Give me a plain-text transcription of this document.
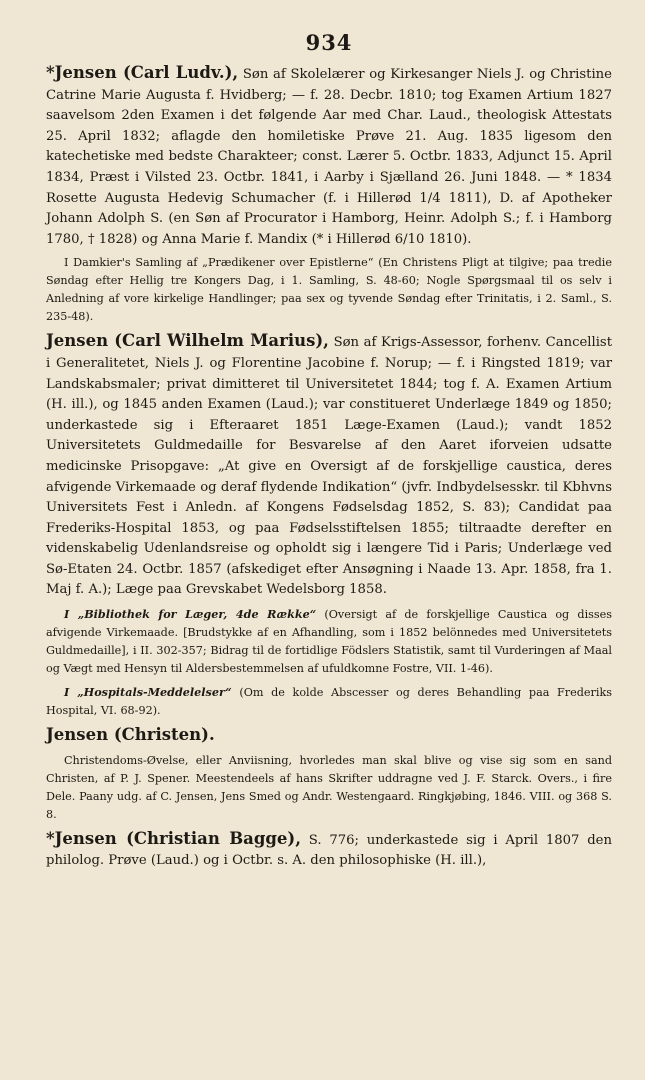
934

*Jensen (Carl Ludv.), Søn af Skolelærer og Kirkesanger Niels J. og Christine Catrine Marie Augusta f. Hvidberg; — f. 28. Decbr. 1810; tog Examen Artium 1827 saavelsom 2den Examen i det følgende Aar med Char. Laud., theologisk Attestats 25. April 1832; aflagde den homiletiske Prøve 21. Aug. 1835 ligesom den katechetiske med bedste Charakteer; const. Lærer 5. Octbr. 1833, Adjunct 15. April 1834, Præst i Vilsted 23. Octbr. 1841, i Aarby i Sjælland 26. Juni 1848. — * 1834 Rosette Augusta Hedevig Schumacher (f. i Hillerød 1/4 1811), D. af Apotheker Johann Adolph S. (en Søn af Procurator i Hamborg, Heinr. Adolph S.; f. i Hamborg 1780, † 1828) og Anna Marie f. Mandix (* i Hillerød 6/10 1810).

I Damkier's Samling af „Prædikener over Epistlerne“ (En Christens Pligt at tilgive; paa tredie Søndag efter Hellig tre Kongers Dag, i 1. Samling, S. 48-60; Nogle Spørgsmaal til os selv i Anledning af vore kirkelige Handlinger; paa sex og tyvende Søndag efter Trinitatis, i 2. Saml., S. 235-48).

Jensen (Carl Wilhelm Marius), Søn af Krigs-Assessor, forhenv. Cancellist i Generalitetet, Niels J. og Florentine Jacobine f. Norup; — f. i Ringsted 1819; var Landskabsmaler; privat dimitteret til Universitetet 1844; tog f. A. Examen Artium (H. ill.), og 1845 anden Examen (Laud.); var constitueret Underlæge 1849 og 1850; underkastede sig i Efteraaret 1851 Læge-Examen (Laud.); vandt 1852 Universitetets Guldmedaille for Besvarelse af den Aaret iforveien udsatte medicinske Prisopgave: „At give en Oversigt af de forskjellige caustica, deres afvigende Virkemaade og deraf flydende Indikation“ (jvfr. Indbydelsesskr. til Kbhvns Universitets Fest i Anledn. af Kongens Fødselsdag 1852, S. 83); Candidat paa Frederiks-Hospital 1853, og paa Fødselsstiftelsen 1855; tiltraadte derefter en videnskabelig Udenlandsreise og opholdt sig i længere Tid i Paris; Underlæge ved Sø-Etaten 24. Octbr. 1857 (afskediget efter Ansøgning i Naade 13. Apr. 1858, fra 1. Maj f. A.); Læge paa Grevskabet Wedelsborg 1858.

I „Bibliothek for Læger, 4de Række“ (Oversigt af de forskjellige Caustica og disses afvigende Virkemaade. [Brudstykke af en Afhandling, som i 1852 belönnedes med Universitetets Guldmedaille], i II. 302-357; Bidrag til de fortidlige Födslers Statistik, samt til Vurderingen af Maal og Vægt med Hensyn til Aldersbestemmelsen af ufuldkomne Fostre, VII. 1-46).

I „Hospitals-Meddelelser“ (Om de kolde Abscesser og deres Behandling paa Frederiks Hospital, VI. 68-92).

Jensen (Christen).

Christendoms-Øvelse, eller Anviisning, hvorledes man skal blive og vise sig som en sand Christen, af P. J. Spener. Meestendeels af hans Skrifter uddragne ved J. F. Starck. Overs., i fire Dele. Paany udg. af C. Jensen, Jens Smed og Andr. Westengaard. Ringkjøbing, 1846. VIII. og 368 S. 8.

*Jensen (Christian Bagge), S. 776; underkastede sig i April 1807 den philolog. Prøve (Laud.) og i Octbr. s. A. den philosophiske (H. ill.),
